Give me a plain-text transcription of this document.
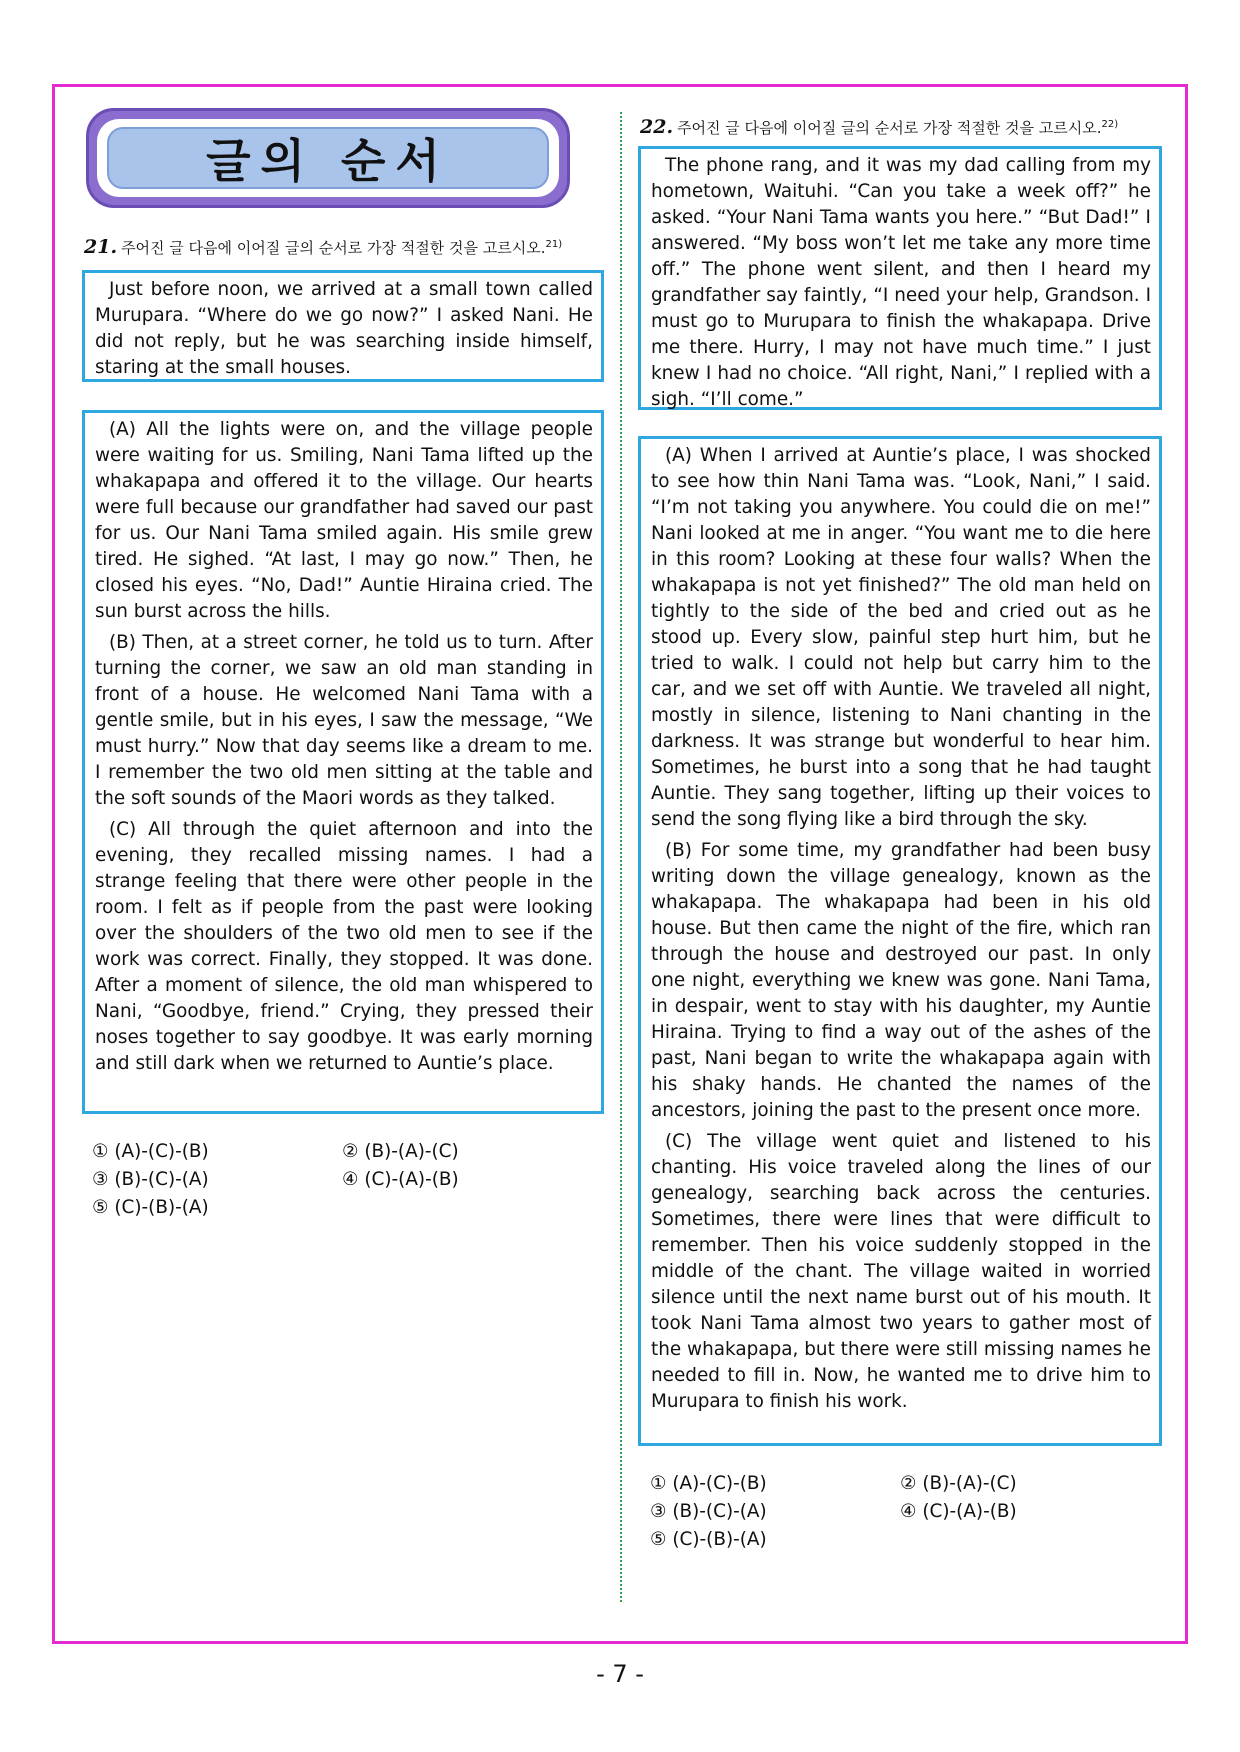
글의 순서
21. 주어진 글 다음에 이어질 글의 순서로 가장 적절한 것을 고르시오.$^{21)}$

Just before noon, we arrived at a small town called Murupara. “Where do we go now?” I asked Nani. He did not reply, but he was searching inside himself, staring at the small houses.

(A) All the lights were on, and the village people were waiting for us. Smiling, Nani Tama lifted up the whakapapa and offered it to the village. Our hearts were full because our grandfather had saved our past for us. Our Nani Tama smiled again. His smile grew tired. He sighed. “At last, I may go now.” Then, he closed his eyes. “No, Dad!” Auntie Hiraina cried. The sun burst across the hills.

(B) Then, at a street corner, he told us to turn. After turning the corner, we saw an old man standing in front of a house. He welcomed Nani Tama with a gentle smile, but in his eyes, I saw the message, “We must hurry.” Now that day seems like a dream to me. I remember the two old men sitting at the table and the soft sounds of the Maori words as they talked.

(C) All through the quiet afternoon and into the evening, they recalled missing names. I had a strange feeling that there were other people in the room. I felt as if people from the past were looking over the shoulders of the two old men to see if the work was correct. Finally, they stopped. It was done. After a moment of silence, the old man whispered to Nani, “Goodbye, friend.” Crying, they pressed their noses together to say goodbye. It was early morning and still dark when we returned to Auntie’s place.

① (A)-(C)-(B)	② (B)-(A)-(C)
③ (B)-(C)-(A)	④ (C)-(A)-(B)
⑤ (C)-(B)-(A)
22. 주어진 글 다음에 이어질 글의 순서로 가장 적절한 것을 고르시오.$^{22)}$

The phone rang, and it was my dad calling from my hometown, Waituhi. “Can you take a week off?” he asked. “Your Nani Tama wants you here.” “But Dad!” I answered. “My boss won’t let me take any more time off.” The phone went silent, and then I heard my grandfather say faintly, “I need your help, Grandson. I must go to Murupara to finish the whakapapa. Drive me there. Hurry, I may not have much time.” I just knew I had no choice. “All right, Nani,” I replied with a sigh. “I’ll come.”

(A) When I arrived at Auntie’s place, I was shocked to see how thin Nani Tama was. “Look, Nani,” I said. “I’m not taking you anywhere. You could die on me!” Nani looked at me in anger. “You want me to die here in this room? Looking at these four walls? When the whakapapa is not yet finished?” The old man held on tightly to the side of the bed and cried out as he stood up. Every slow, painful step hurt him, but he tried to walk. I could not help but carry him to the car, and we set off with Auntie. We traveled all night, mostly in silence, listening to Nani chanting in the darkness. It was strange but wonderful to hear him. Sometimes, he burst into a song that he had taught Auntie. They sang together, lifting up their voices to send the song flying like a bird through the sky.

(B) For some time, my grandfather had been busy writing down the village genealogy, known as the whakapapa. The whakapapa had been in his old house. But then came the night of the fire, which ran through the house and destroyed our past. In only one night, everything we knew was gone. Nani Tama, in despair, went to stay with his daughter, my Auntie Hiraina. Trying to find a way out of the ashes of the past, Nani began to write the whakapapa again with his shaky hands. He chanted the names of the ancestors, joining the past to the present once more.

(C) The village went quiet and listened to his chanting. His voice traveled along the lines of our genealogy, searching back across the centuries. Sometimes, there were lines that were difficult to remember. Then his voice suddenly stopped in the middle of the chant. The village waited in worried silence until the next name burst out of his mouth. It took Nani Tama almost two years to gather most of the whakapapa, but there were still missing names he needed to fill in. Now, he wanted me to drive him to Murupara to finish his work.

① (A)-(C)-(B)	② (B)-(A)-(C)
③ (B)-(C)-(A)	④ (C)-(A)-(B)
⑤ (C)-(B)-(A)
- 7 -
